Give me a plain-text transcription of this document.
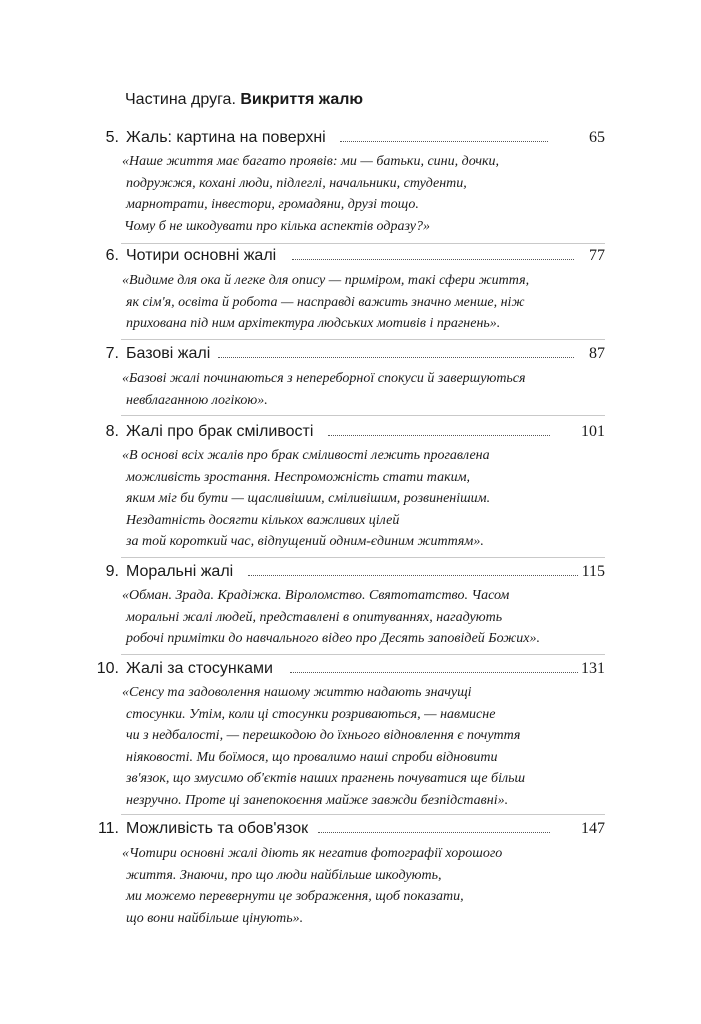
Частина друга. Викриття жалю
5. Жаль: картина на поверхні	65
«Наше життя має багато проявів: ми — батьки, сини, дочки,
подружжя, кохані люди, підлеглі, начальники, студенти,
марнотрати, інвестори, громадяни, друзі тощо.
Чому б не шкодувати про кілька аспектів одразу?»
6. Чотири основні жалі	77
«Видиме для ока й легке для опису — приміром, такі сфери життя,
як сім'я, освіта й робота — насправді важить значно менше, ніж
прихована під ним архітектура людських мотивів і прагнень».
7. Базові жалі	87
«Базові жалі починаються з непереборної спокуси й завершуються
невблаганною логікою».
8. Жалі про брак сміливості	101
«В основі всіх жалів про брак сміливості лежить прогавлена
можливість зростання. Неспроможність стати таким,
яким міг би бути — щасливішим, сміливішим, розвиненішим.
Нездатність досягти кількох важливих цілей
за той короткий час, відпущений одним-єдиним життям».
9. Моральні жалі	115
«Обман. Зрада. Крадіжка. Віроломство. Святотатство. Часом
моральні жалі людей, представлені в опитуваннях, нагадують
робочі примітки до навчального відео про Десять заповідей Божих».
10. Жалі за стосунками	131
«Сенсу та задоволення нашому життю надають значущі
стосунки. Утім, коли ці стосунки розриваються, — навмисне
чи з недбалості, — перешкодою до їхнього відновлення є почуття
ніяковості. Ми боїмося, що провалимо наші спроби відновити
зв'язок, що змусимо об'єктів наших прагнень почуватися ще більш
незручно. Проте ці занепокоєння майже завжди безпідставні».
11. Можливість та обов'язок	147
«Чотири основні жалі діють як негатив фотографії хорошого
життя. Знаючи, про що люди найбільше шкодують,
ми можемо перевернути це зображення, щоб показати,
що вони найбільше цінують».
